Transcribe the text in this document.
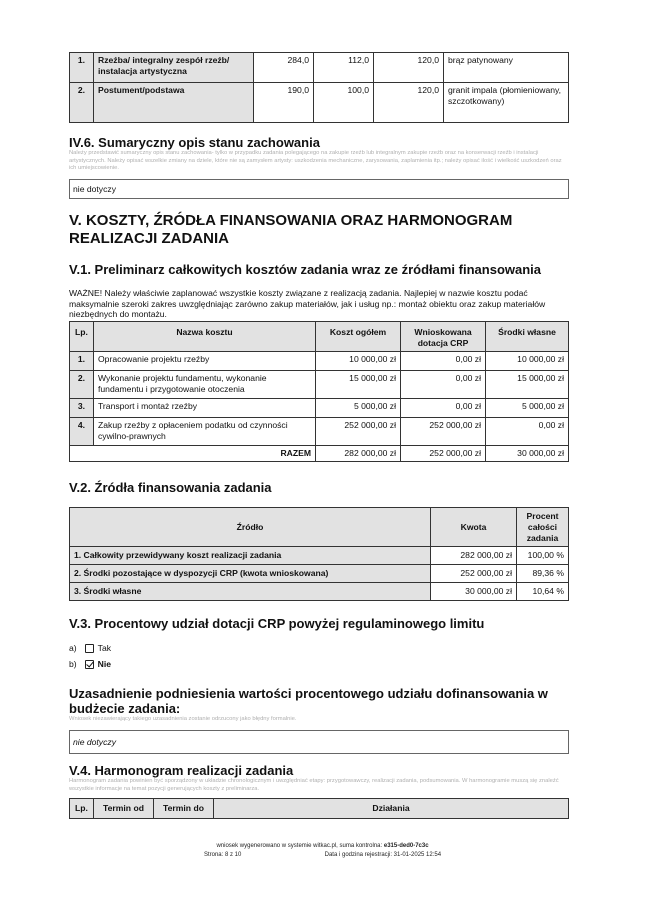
1.	Rzeźba/ integralny zespół rzeźb/ instalacja artystyczna	284,0	112,0	120,0	brąz patynowany
2.	Postument/podstawa	190,0	100,0	120,0	granit impala (płomieniowany, szczotkowany)
IV.6. Sumaryczny opis stanu zachowania
Należy przedstawić sumaryczny opis stanu zachowania- tylko w przypadku zadania polegającego na zakupie rzeźb lub integralnym zakupie rzeźb oraz na konserwacji rzeźb i instalacji artystycznych. Należy opisać wszelkie zmiany na dziele, które nie są zamysłem artysty: uszkodzenia mechaniczne, zarysowania, zaplamienia itp.; należy opisać ilość i wielkość uszkodzeń oraz ich umiejscowienie.
nie dotyczy
V. KOSZTY, ŹRÓDŁA FINANSOWANIA ORAZ HARMONOGRAM REALIZACJI ZADANIA
V.1. Preliminarz całkowitych kosztów zadania wraz ze źródłami finansowania
WAŻNE! Należy właściwie zaplanować wszystkie koszty związane z realizacją zadania. Najlepiej w nazwie kosztu podać maksymalnie szeroki zakres uwzględniając zarówno zakup materiałów, jak i usług np.: montaż obiektu oraz zakup materiałów niezbędnych do montażu.
Lp.	Nazwa kosztu	Koszt ogółem	Wnioskowana dotacja CRP	Środki własne
1.	Opracowanie projektu rzeźby	10 000,00 zł	0,00 zł	10 000,00 zł
2.	Wykonanie projektu fundamentu, wykonanie fundamentu i przygotowanie otoczenia	15 000,00 zł	0,00 zł	15 000,00 zł
3.	Transport i montaż rzeźby	5 000,00 zł	0,00 zł	5 000,00 zł
4.	Zakup rzeźby z opłaceniem podatku od czynności cywilno-prawnych	252 000,00 zł	252 000,00 zł	0,00 zł
RAZEM		282 000,00 zł	252 000,00 zł	30 000,00 zł
V.2. Źródła finansowania zadania
Źródło	Kwota	Procent całości zadania
1. Całkowity przewidywany koszt realizacji zadania	282 000,00 zł	100,00 %
2. Środki pozostające w dyspozycji CRP (kwota wnioskowana)	252 000,00 zł	89,36 %
3. Środki własne	30 000,00 zł	10,64 %
V.3. Procentowy udział dotacji CRP powyżej regulaminowego limitu
a) Tak
b) Nie
Uzasadnienie podniesienia wartości procentowego udziału dofinansowania w budżecie zadania:
Wniosek niezawierający takiego uzasadnienia zostanie odrzucony jako błędny formalnie.
nie dotyczy
V.4. Harmonogram realizacji zadania
Harmonogram zadania powinien być sporządzony w układzie chronologicznym i uwzględniać etapy: przygotowawczy, realizacji zadania, podsumowania. W harmonogramie muszą się znaleźć wszystkie informacje na temat pozycji generujących koszty z preliminarza.
Lp.	Termin od	Termin do	Działania
wniosek wygenerowano w systemie witkac.pl, suma kontrolna: e315-ded0-7c3c
Strona: 8 z 10	Data i godzina rejestracji: 31-01-2025 12:54
